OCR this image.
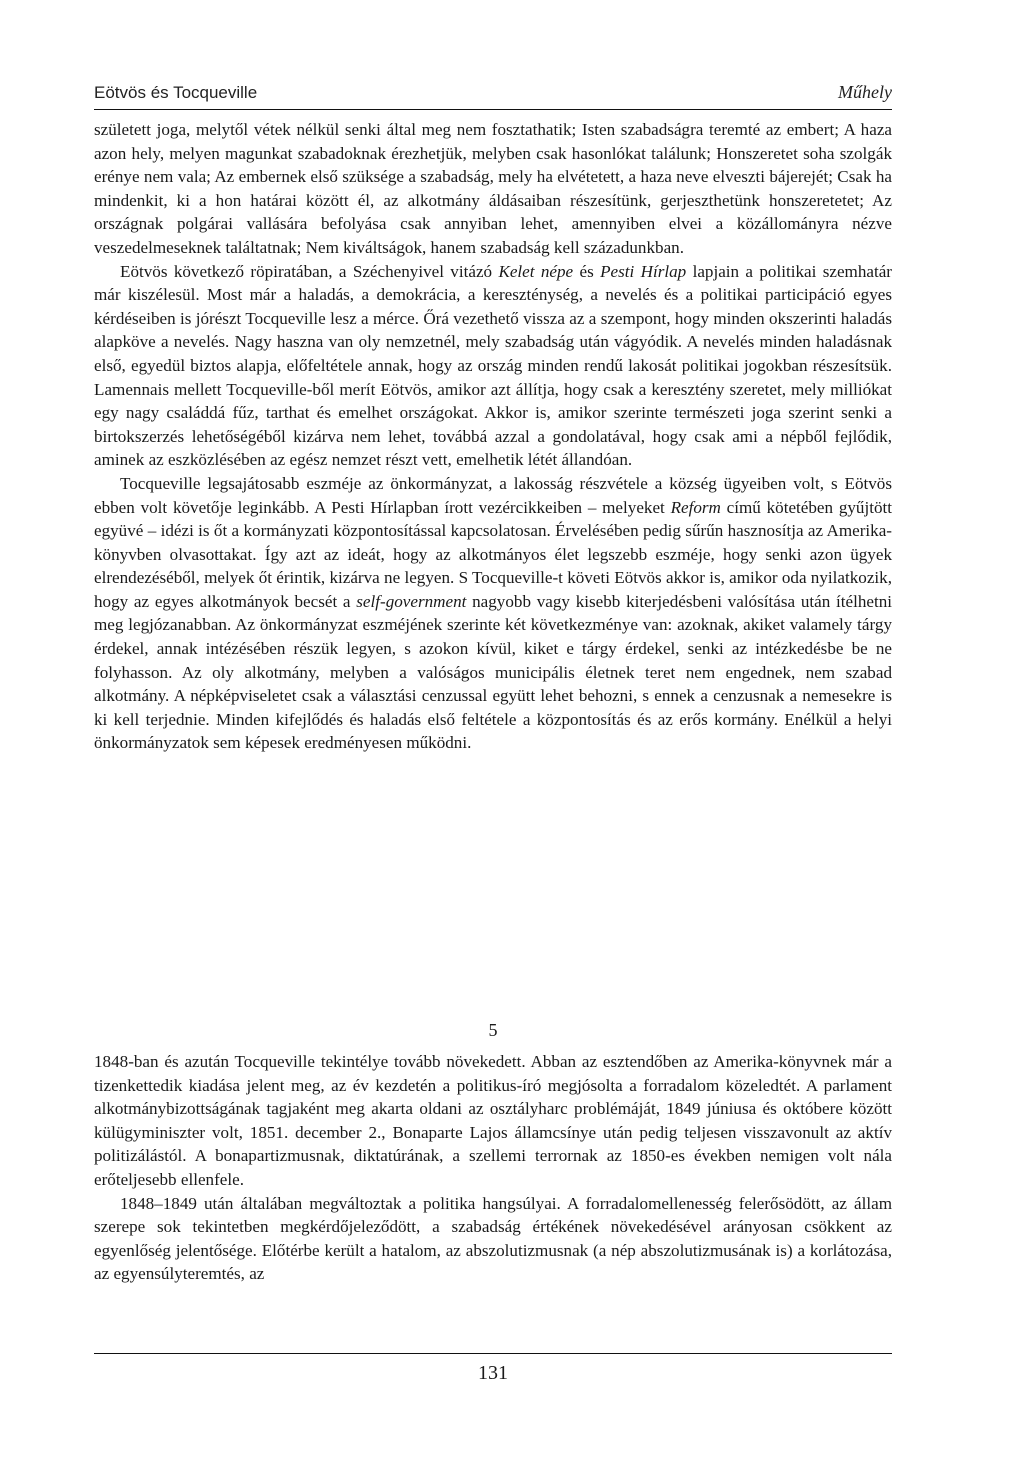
Eötvös és Tocqueville	Műhely

született joga, melytől vétek nélkül senki által meg nem fosztathatik; Isten szabadságra teremté az embert; A haza azon hely, melyen magunkat szabadoknak érezhetjük, melyben csak hasonlókat találunk; Honszeretet soha szolgák erénye nem vala; Az embernek első szüksége a szabadság, mely ha elvétetett, a haza neve elveszti bájerejét; Csak ha mindenkit, ki a hon határai között él, az alkotmány áldásaiban részesítünk, gerjeszthetünk honszeretetet; Az országnak polgárai vallására befolyása csak annyiban lehet, amennyiben elvei a közállományra nézve veszedelmeseknek találtatnak; Nem kiváltságok, hanem szabadság kell századunkban.

Eötvös következő röpiratában, a Széchenyivel vitázó Kelet népe és Pesti Hírlap lapjain a politikai szemhatár már kiszélesül. Most már a haladás, a demokrácia, a kereszténység, a nevelés és a politikai participáció egyes kérdéseiben is jórészt Tocqueville lesz a mérce. Őrá vezethető vissza az a szempont, hogy minden okszerinti haladás alapköve a nevelés. Nagy haszna van oly nemzetnél, mely szabadság után vágyódik. A nevelés minden haladásnak első, egyedül biztos alapja, előfeltétele annak, hogy az ország minden rendű lakosát politikai jogokban részesítsük. Lamennais mellett Tocqueville-ből merít Eötvös, amikor azt állítja, hogy csak a keresztény szeretet, mely milliókat egy nagy családdá fűz, tarthat és emelhet országokat. Akkor is, amikor szerinte természeti joga szerint senki a birtokszerzés lehetőségéből kizárva nem lehet, továbbá azzal a gondolatával, hogy csak ami a népből fejlődik, aminek az eszközlésében az egész nemzet részt vett, emelhetik létét állandóan.

Tocqueville legsajátosabb eszméje az önkormányzat, a lakosság részvétele a község ügyeiben volt, s Eötvös ebben volt követője leginkább. A Pesti Hírlapban írott vezércikkeiben – melyeket Reform című kötetében gyűjtött együvé – idézi is őt a kormányzati központosítással kapcsolatosan. Érvelésében pedig sűrűn hasznosítja az Amerika-könyvben olvasottakat. Így azt az ideát, hogy az alkotmányos élet legszebb eszméje, hogy senki azon ügyek elrendezéséből, melyek őt érintik, kizárva ne legyen. S Tocqueville-t követi Eötvös akkor is, amikor oda nyilatkozik, hogy az egyes alkotmányok becsét a self-government nagyobb vagy kisebb kiterjedésbeni valósítása után ítélhetni meg legjózanabban. Az önkormányzat eszméjének szerinte két következménye van: azoknak, akiket valamely tárgy érdekel, annak intézésében részük legyen, s azokon kívül, kiket e tárgy érdekel, senki az intézkedésbe be ne folyhasson. Az oly alkotmány, melyben a valóságos municipális életnek teret nem engednek, nem szabad alkotmány. A népképviseletet csak a választási cenzussal együtt lehet behozni, s ennek a cenzusnak a nemesekre is ki kell terjednie. Minden kifejlődés és haladás első feltétele a központosítás és az erős kormány. Enélkül a helyi önkormányzatok sem képesek eredményesen működni.

5

1848-ban és azután Tocqueville tekintélye tovább növekedett. Abban az esztendőben az Amerika-könyvnek már a tizenkettedik kiadása jelent meg, az év kezdetén a politikus-író megjósolta a forradalom közeledtét. A parlament alkotmánybizottságának tagjaként meg akarta oldani az osztályharc problémáját, 1849 júniusa és októbere között külügyminiszter volt, 1851. december 2., Bonaparte Lajos államcsínye után pedig teljesen visszavonult az aktív politizálástól. A bonapartizmusnak, diktatúrának, a szellemi terrornak az 1850-es években nemigen volt nála erőteljesebb ellenfele.

1848–1849 után általában megváltoztak a politika hangsúlyai. A forradalomellenesség felerősödött, az állam szerepe sok tekintetben megkérdőjeleződött, a szabadság értékének növekedésével arányosan csökkent az egyenlőség jelentősége. Előtérbe került a hatalom, az abszolutizmusnak (a nép abszolutizmusának is) a korlátozása, az egyensúlyteremtés, az

131
